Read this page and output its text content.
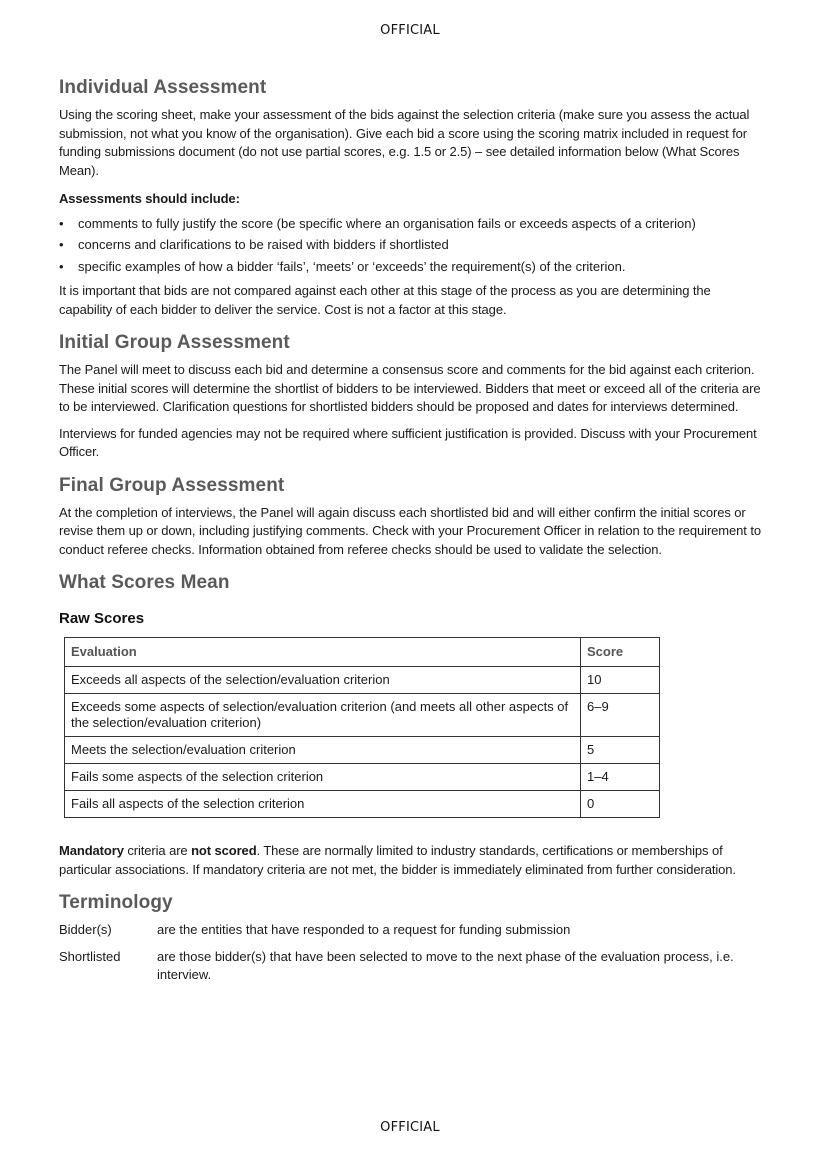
OFFICIAL
Individual Assessment

Using the scoring sheet, make your assessment of the bids against the selection criteria (make sure you assess the actual submission, not what you know of the organisation). Give each bid a score using the scoring matrix included in request for funding submissions document (do not use partial scores, e.g. 1.5 or 2.5) – see detailed information below (What Scores Mean).

Assessments should include:

• comments to fully justify the score (be specific where an organisation fails or exceeds aspects of a criterion)
• concerns and clarifications to be raised with bidders if shortlisted
• specific examples of how a bidder ‘fails’, ‘meets’ or ‘exceeds’ the requirement(s) of the criterion.

It is important that bids are not compared against each other at this stage of the process as you are determining the capability of each bidder to deliver the service. Cost is not a factor at this stage.

Initial Group Assessment

The Panel will meet to discuss each bid and determine a consensus score and comments for the bid against each criterion. These initial scores will determine the shortlist of bidders to be interviewed. Bidders that meet or exceed all of the criteria are to be interviewed. Clarification questions for shortlisted bidders should be proposed and dates for interviews determined.

Interviews for funded agencies may not be required where sufficient justification is provided. Discuss with your Procurement Officer.

Final Group Assessment

At the completion of interviews, the Panel will again discuss each shortlisted bid and will either confirm the initial scores or revise them up or down, including justifying comments. Check with your Procurement Officer in relation to the requirement to conduct referee checks. Information obtained from referee checks should be used to validate the selection.

What Scores Mean
Raw Scores
Evaluation	Score
Exceeds all aspects of the selection/evaluation criterion	10
Exceeds some aspects of selection/evaluation criterion (and meets all other aspects of the selection/evaluation criterion)	6–9
Meets the selection/evaluation criterion	5
Fails some aspects of the selection criterion	1–4
Fails all aspects of the selection criterion	0

Mandatory criteria are not scored. These are normally limited to industry standards, certifications or memberships of particular associations. If mandatory criteria are not met, the bidder is immediately eliminated from further consideration.

Terminology
Bidder(s)	are the entities that have responded to a request for funding submission
Shortlisted	are those bidder(s) that have been selected to move to the next phase of the evaluation process, i.e. interview.
OFFICIAL
